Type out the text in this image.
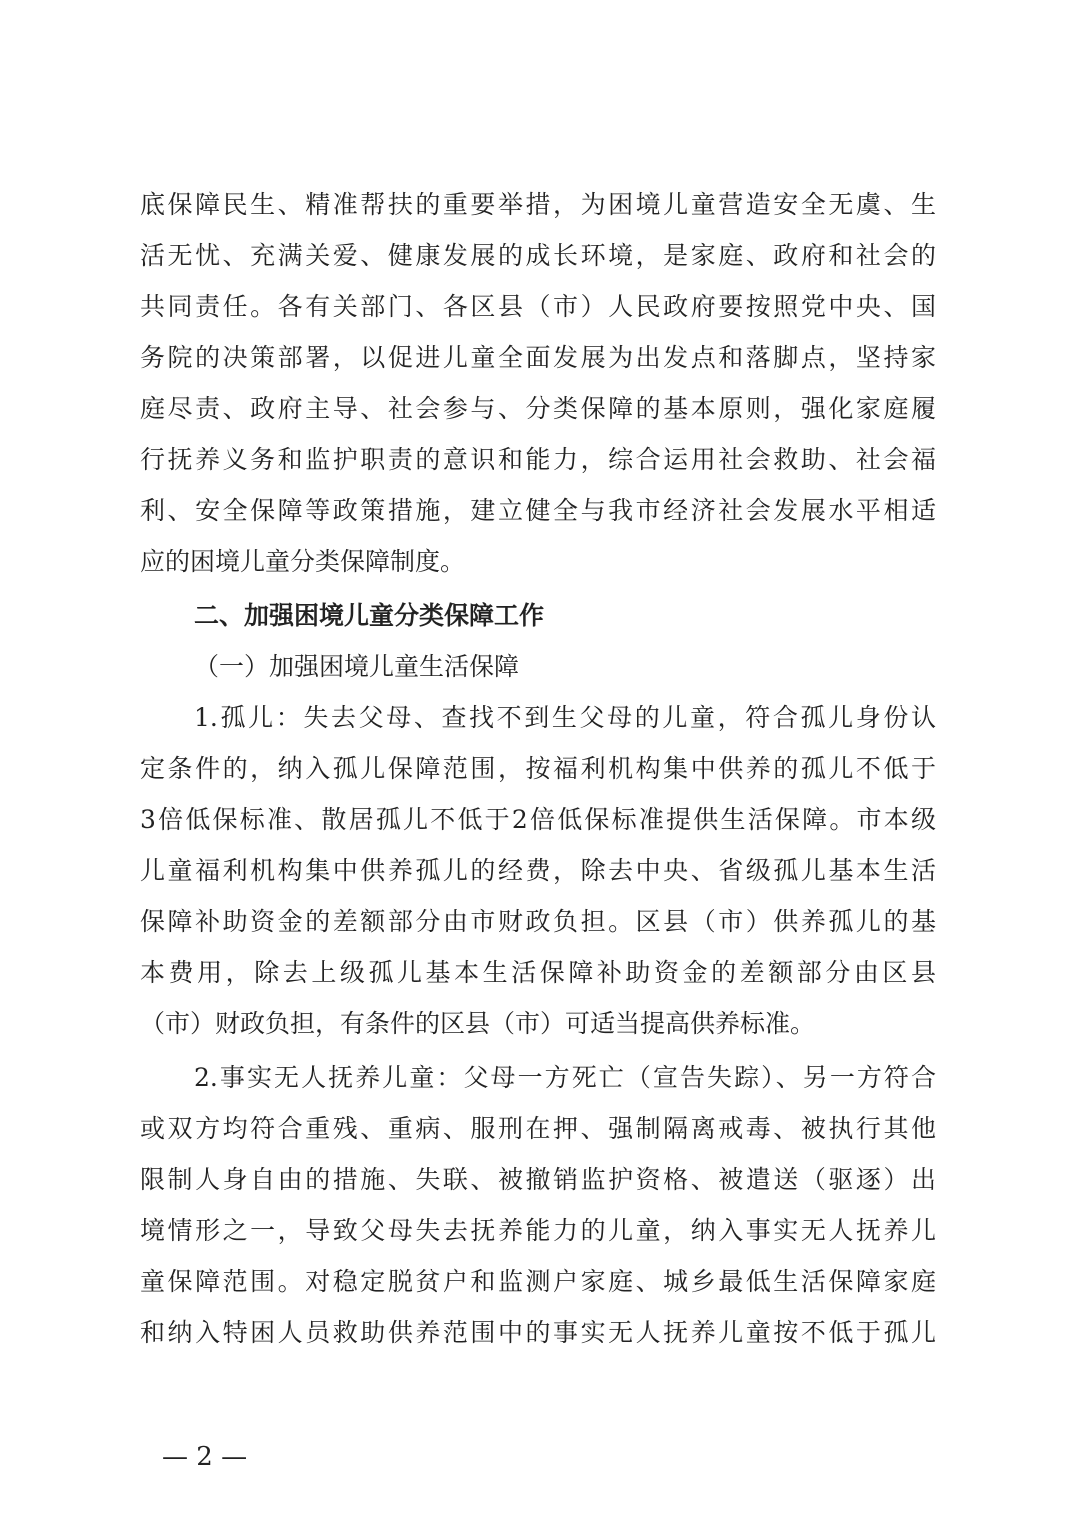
底保障民生、精准帮扶的重要举措，为困境儿童营造安全无虞、生
活无忧、充满关爱、健康发展的成长环境，是家庭、政府和社会的
共同责任。各有关部门、各区县（市）人民政府要按照党中央、国
务院的决策部署，以促进儿童全面发展为出发点和落脚点，坚持家
庭尽责、政府主导、社会参与、分类保障的基本原则，强化家庭履
行抚养义务和监护职责的意识和能力，综合运用社会救助、社会福
利、安全保障等政策措施，建立健全与我市经济社会发展水平相适
应的困境儿童分类保障制度。
二、加强困境儿童分类保障工作
（一）加强困境儿童生活保障
1.孤儿：失去父母、查找不到生父母的儿童，符合孤儿身份认
定条件的，纳入孤儿保障范围，按福利机构集中供养的孤儿不低于
3倍低保标准、散居孤儿不低于2倍低保标准提供生活保障。市本级
儿童福利机构集中供养孤儿的经费，除去中央、省级孤儿基本生活
保障补助资金的差额部分由市财政负担。区县（市）供养孤儿的基
本费用，除去上级孤儿基本生活保障补助资金的差额部分由区县
（市）财政负担，有条件的区县（市）可适当提高供养标准。
2.事实无人抚养儿童：父母一方死亡（宣告失踪）、另一方符合
或双方均符合重残、重病、服刑在押、强制隔离戒毒、被执行其他
限制人身自由的措施、失联、被撤销监护资格、被遣送（驱逐）出
境情形之一，导致父母失去抚养能力的儿童，纳入事实无人抚养儿
童保障范围。对稳定脱贫户和监测户家庭、城乡最低生活保障家庭
和纳入特困人员救助供养范围中的事实无人抚养儿童按不低于孤儿
— 2 —
